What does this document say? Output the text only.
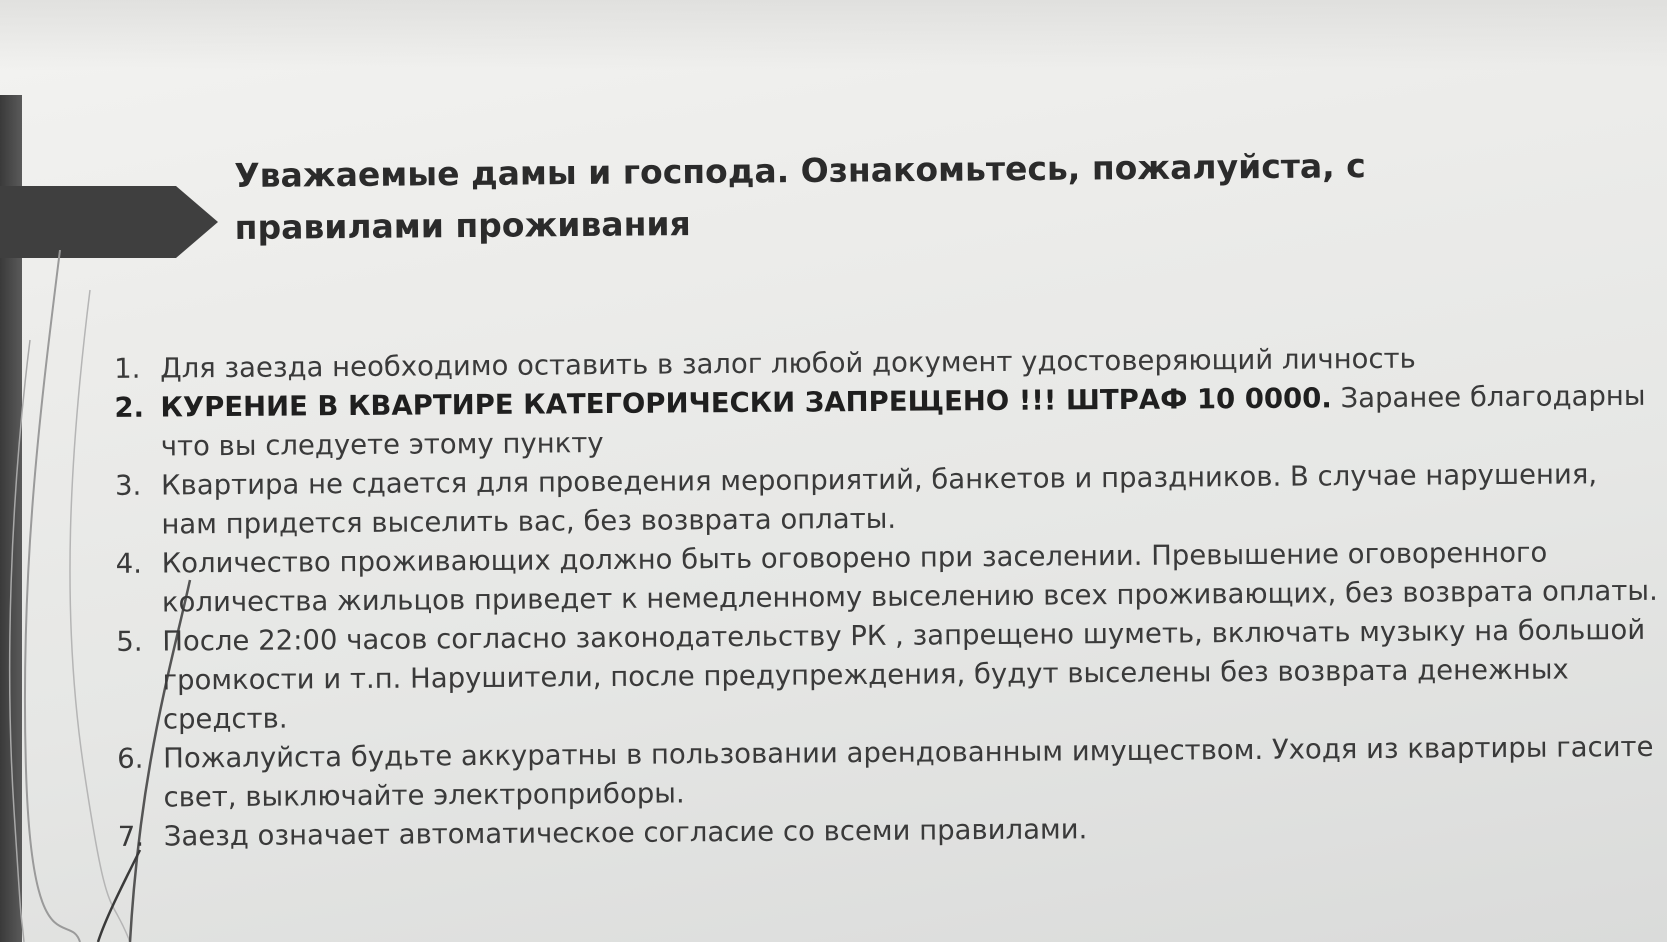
Уважаемые дамы и господа. Ознакомьтесь, пожалуйста, с
правилами проживания
1. Для заезда необходимо оставить в залог любой документ удостоверяющий личность
2. КУРЕНИЕ В КВАРТИРЕ КАТЕГОРИЧЕСКИ ЗАПРЕЩЕНО !!! ШТРАФ 10 0000. Заранее благодарны что вы следуете этому пункту
3. Квартира не сдается для проведения мероприятий, банкетов и праздников. В случае нарушения, нам придется выселить вас, без возврата оплаты.
4. Количество проживающих должно быть оговорено при заселении. Превышение оговоренного количества жильцов приведет к немедленному выселению всех проживающих, без возврата оплаты.
5. После 22:00 часов согласно законодательству РК , запрещено шуметь, включать музыку на большой громкости и т.п. Нарушители, после предупреждения, будут выселены без возврата денежных средств.
6. Пожалуйста будьте аккуратны в пользовании арендованным имуществом. Уходя из квартиры гасите свет, выключайте электроприборы.
7. Заезд означает автоматическое согласие со всеми правилами.
